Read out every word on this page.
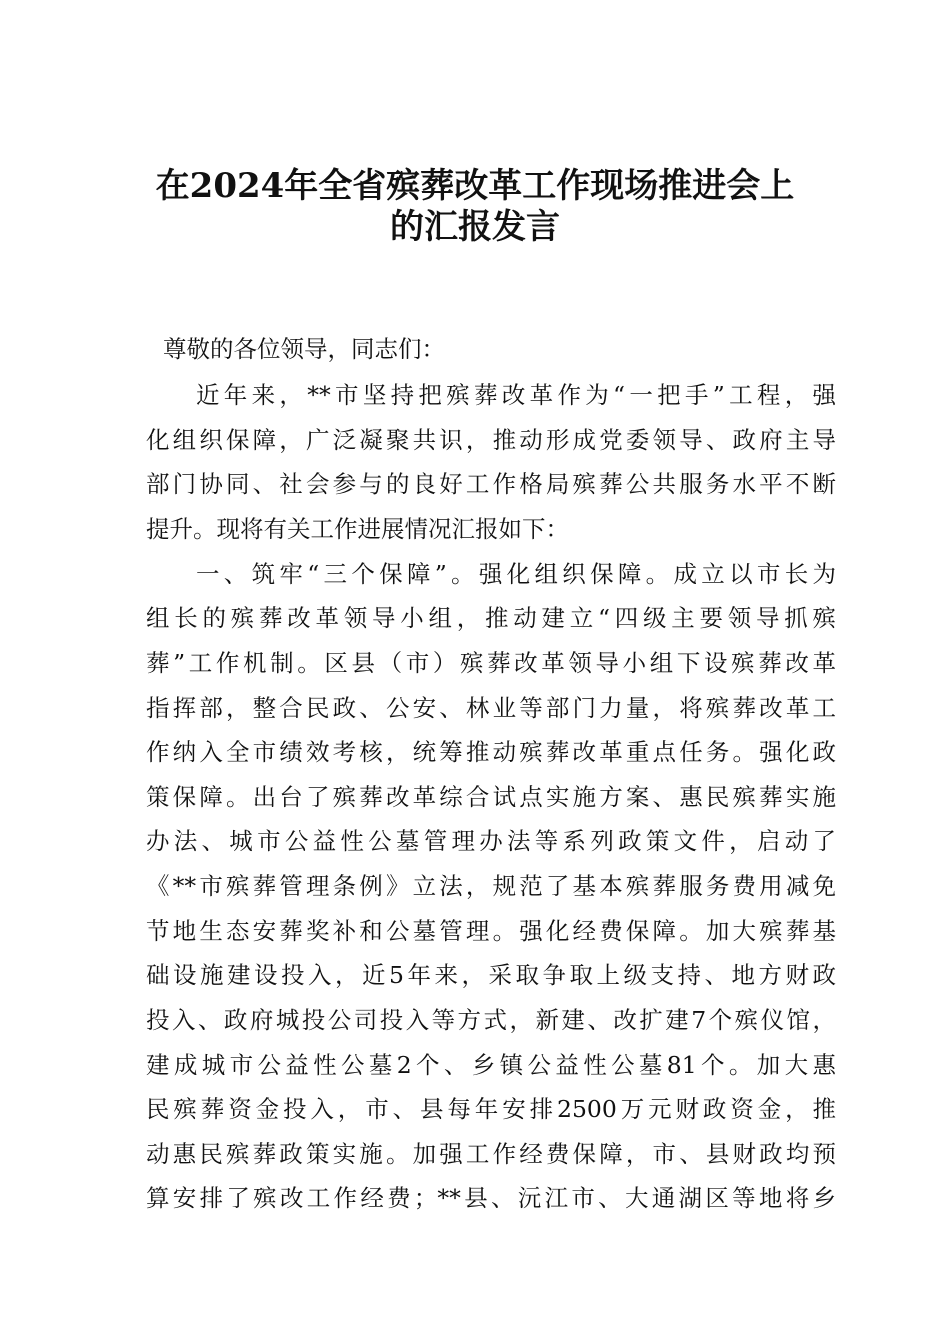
在2024年全省殡葬改革工作现场推进会上
的汇报发言
尊敬的各位领导，同志们：
近年来，**市坚持把殡葬改革作为“一把手”工程，强
化组织保障，广泛凝聚共识，推动形成党委领导、政府主导
部门协同、社会参与的良好工作格局殡葬公共服务水平不断
提升。现将有关工作进展情况汇报如下：
一、筑牢“三个保障”。强化组织保障。成立以市长为
组长的殡葬改革领导小组，推动建立“四级主要领导抓殡
葬”工作机制。区县（市）殡葬改革领导小组下设殡葬改革
指挥部，整合民政、公安、林业等部门力量，将殡葬改革工
作纳入全市绩效考核，统筹推动殡葬改革重点任务。强化政
策保障。出台了殡葬改革综合试点实施方案、惠民殡葬实施
办法、城市公益性公墓管理办法等系列政策文件，启动了
《**市殡葬管理条例》立法，规范了基本殡葬服务费用减免
节地生态安葬奖补和公墓管理。强化经费保障。加大殡葬基
础设施建设投入，近5年来，采取争取上级支持、地方财政
投入、政府城投公司投入等方式，新建、改扩建7个殡仪馆，
建成城市公益性公墓2个、乡镇公益性公墓81个。加大惠
民殡葬资金投入，市、县每年安排2500万元财政资金，推
动惠民殡葬政策实施。加强工作经费保障，市、县财政均预
算安排了殡改工作经费；**县、沅江市、大通湖区等地将乡
